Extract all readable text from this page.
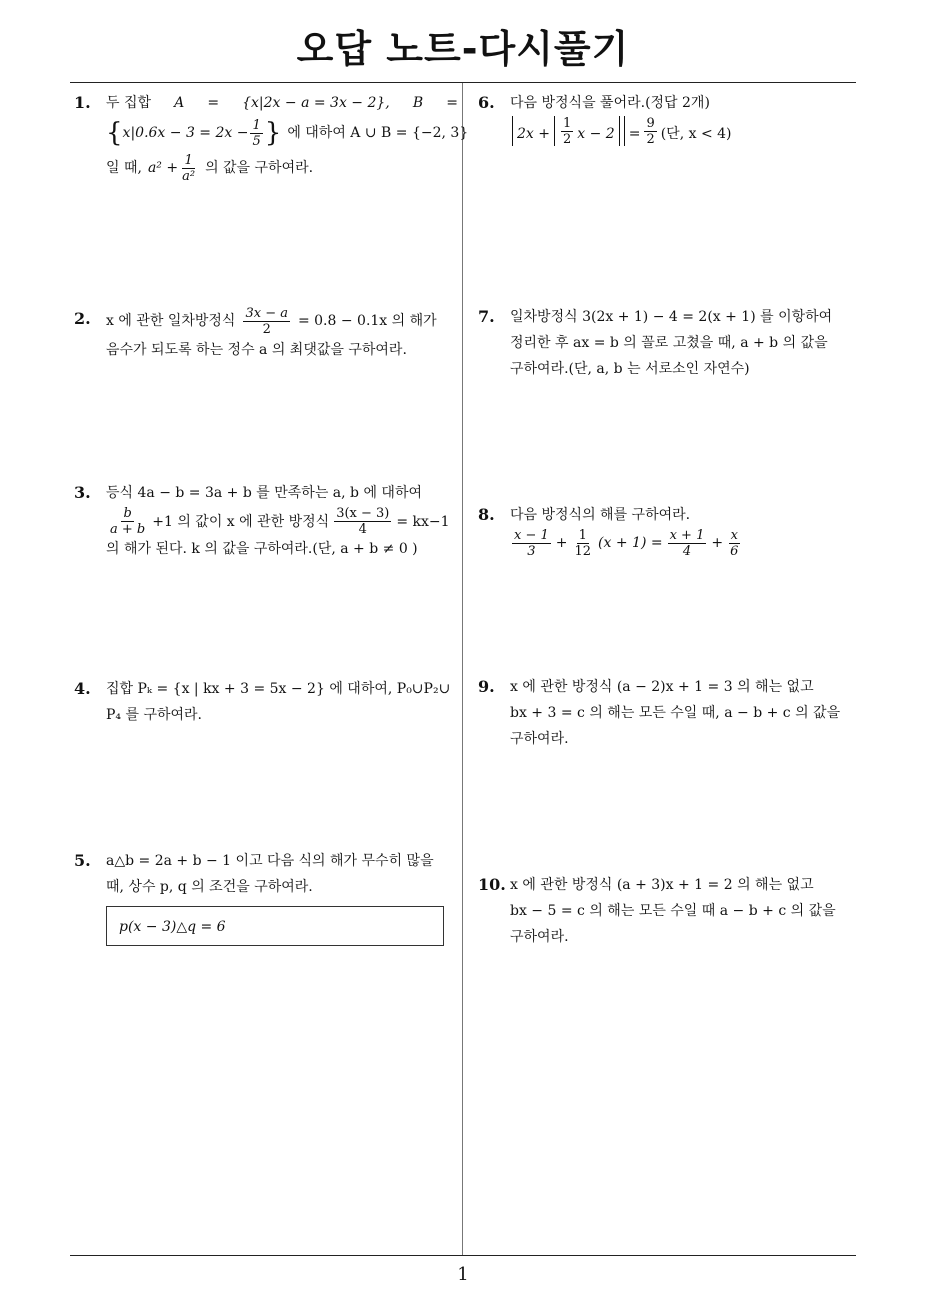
오답 노트-다시풀기
1. 두 집합 A = {x|2x − a = 3x − 2}, B =
{$x|0.6x - 3 = 2x - \frac{1}{5}$ } 에 대하여 A ∪ B = {−2, 3}
일 때, $a^2 + \frac{1}{\text{a²}}$ 의 값을 구하여라.
6. 다음 방정식을 풀어라.(정답 2개)
$2x + \frac{1}{2}$ $x - 2 = \frac{9}{2}$ (단, x < 4)
2. x 에 관한 일차방정식 $\frac{3x - a}{2} = 0.8 - 0.1x$ 의 해가
음수가 되도록 하는 정수 a 의 최댓값을 구하여라.
7. 일차방정식 3(2x + 1) − 4 = 2(x + 1) 를 이항하여
정리한 후 ax = b 의 꼴로 고쳤을 때, a + b 의 값을
구하여라.(단, a, b 는 서로소인 자연수)
3. 등식 4a − b = 3a + b 를 만족하는 a, b 에 대하여
$\frac{b}{a + b} +1$ 의 값이 x 에 관한 방정식 $\frac{3(x - 3)}{4} = kx-1$
의 해가 된다. k 의 값을 구하여라.(단, a + b ≠ 0 )
8. 다음 방정식의 해를 구하여라.
$\frac{x - 1}{3} + \frac{1}{12} (x + 1) = \frac{x + 1}{4} + \frac{x}{6}$
4. 집합 Pₖ = {x | kx + 3 = 5x − 2} 에 대하여, P₀∪P₂∪
P₄ 를 구하여라.
9. x 에 관한 방정식 (a − 2)x + 1 = 3 의 해는 없고
bx + 3 = c 의 해는 모든 수일 때, a − b + c 의 값을
구하여라.
5. a△b = 2a + b − 1 이고 다음 식의 해가 무수히 많을
때, 상수 p, q 의 조건을 구하여라.
p(x − 3)△q = 6
10. x 에 관한 방정식 (a + 3)x + 1 = 2 의 해는 없고
bx − 5 = c 의 해는 모든 수일 때 a − b + c 의 값을
구하여라.
1
